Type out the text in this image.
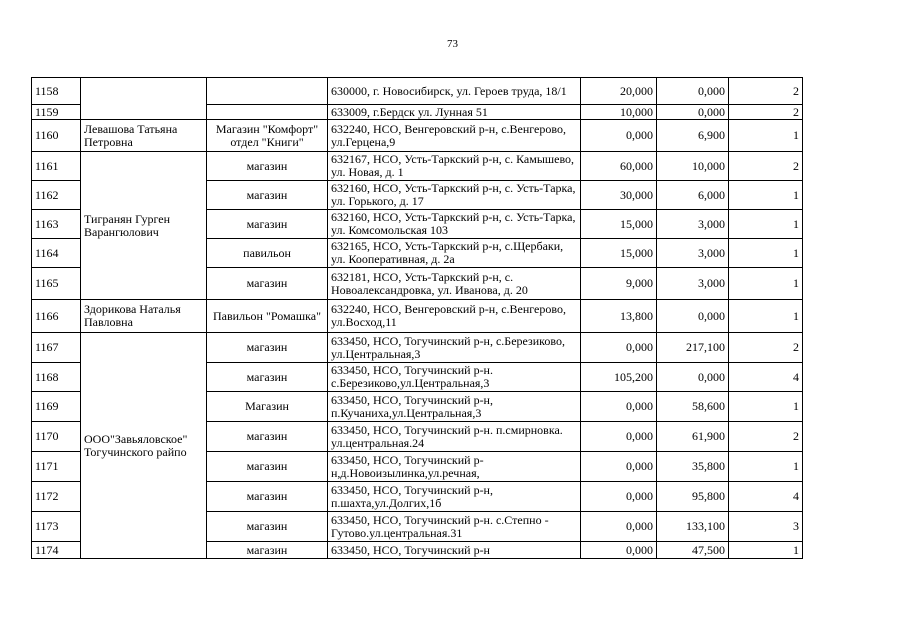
73
1158			630000, г. Новосибирск, ул. Героев труда, 18/1	20,000	0,000	2
1159			633009, г.Бердск ул. Лунная 51	10,000	0,000	2
1160	Левашова Татьяна Петровна	Магазин "Комфорт" отдел "Книги"	632240, НСО, Венгеровский р-н, с.Венгерово, ул.Герцена,9	0,000	6,900	1
1161	Тигранян Гурген Варангюлович	магазин	632167, НСО, Усть-Таркский р-н, с. Камышево, ул. Новая, д. 1	60,000	10,000	2
1162		магазин	632160, НСО, Усть-Таркский р-н, с. Усть-Тарка, ул. Горького, д. 17	30,000	6,000	1
1163		магазин	632160, НСО, Усть-Таркский р-н, с. Усть-Тарка, ул. Комсомольская 103	15,000	3,000	1
1164		павильон	632165, НСО, Усть-Таркский р-н, с.Щербаки, ул. Кооперативная, д. 2а	15,000	3,000	1
1165		магазин	632181, НСО, Усть-Таркский р-н, с. Новоалександровка, ул. Иванова, д. 20	9,000	3,000	1
1166	Здорикова Наталья Павловна	Павильон "Ромашка"	632240, НСО, Венгеровский р-н, с.Венгерово, ул.Восход,11	13,800	0,000	1
1167	ООО"Завьяловское" Тогучинского райпо	магазин	633450, НСО, Тогучинский р-н, с.Березиково, ул.Центральная,3	0,000	217,100	2
1168		магазин	633450, НСО, Тогучинский р-н. с.Березиково,ул.Центральная,3	105,200	0,000	4
1169		Магазин	633450, НСО, Тогучинский р-н, п.Кучаниха,ул.Центральная,3	0,000	58,600	1
1170		магазин	633450, НСО, Тогучинский р-н. п.смирновка. ул.центральная.24	0,000	61,900	2
1171		магазин	633450, НСО, Тогучинский р-н,д.Новоизылинка,ул.речная,	0,000	35,800	1
1172		магазин	633450, НСО, Тогучинский р-н, п.шахта,ул.Долгих,1б	0,000	95,800	4
1173		магазин	633450, НСО, Тогучинский р-н. с.Степно - Гутово.ул.центральная.31	0,000	133,100	3
1174		магазин	633450, НСО, Тогучинский р-н	0,000	47,500	1
